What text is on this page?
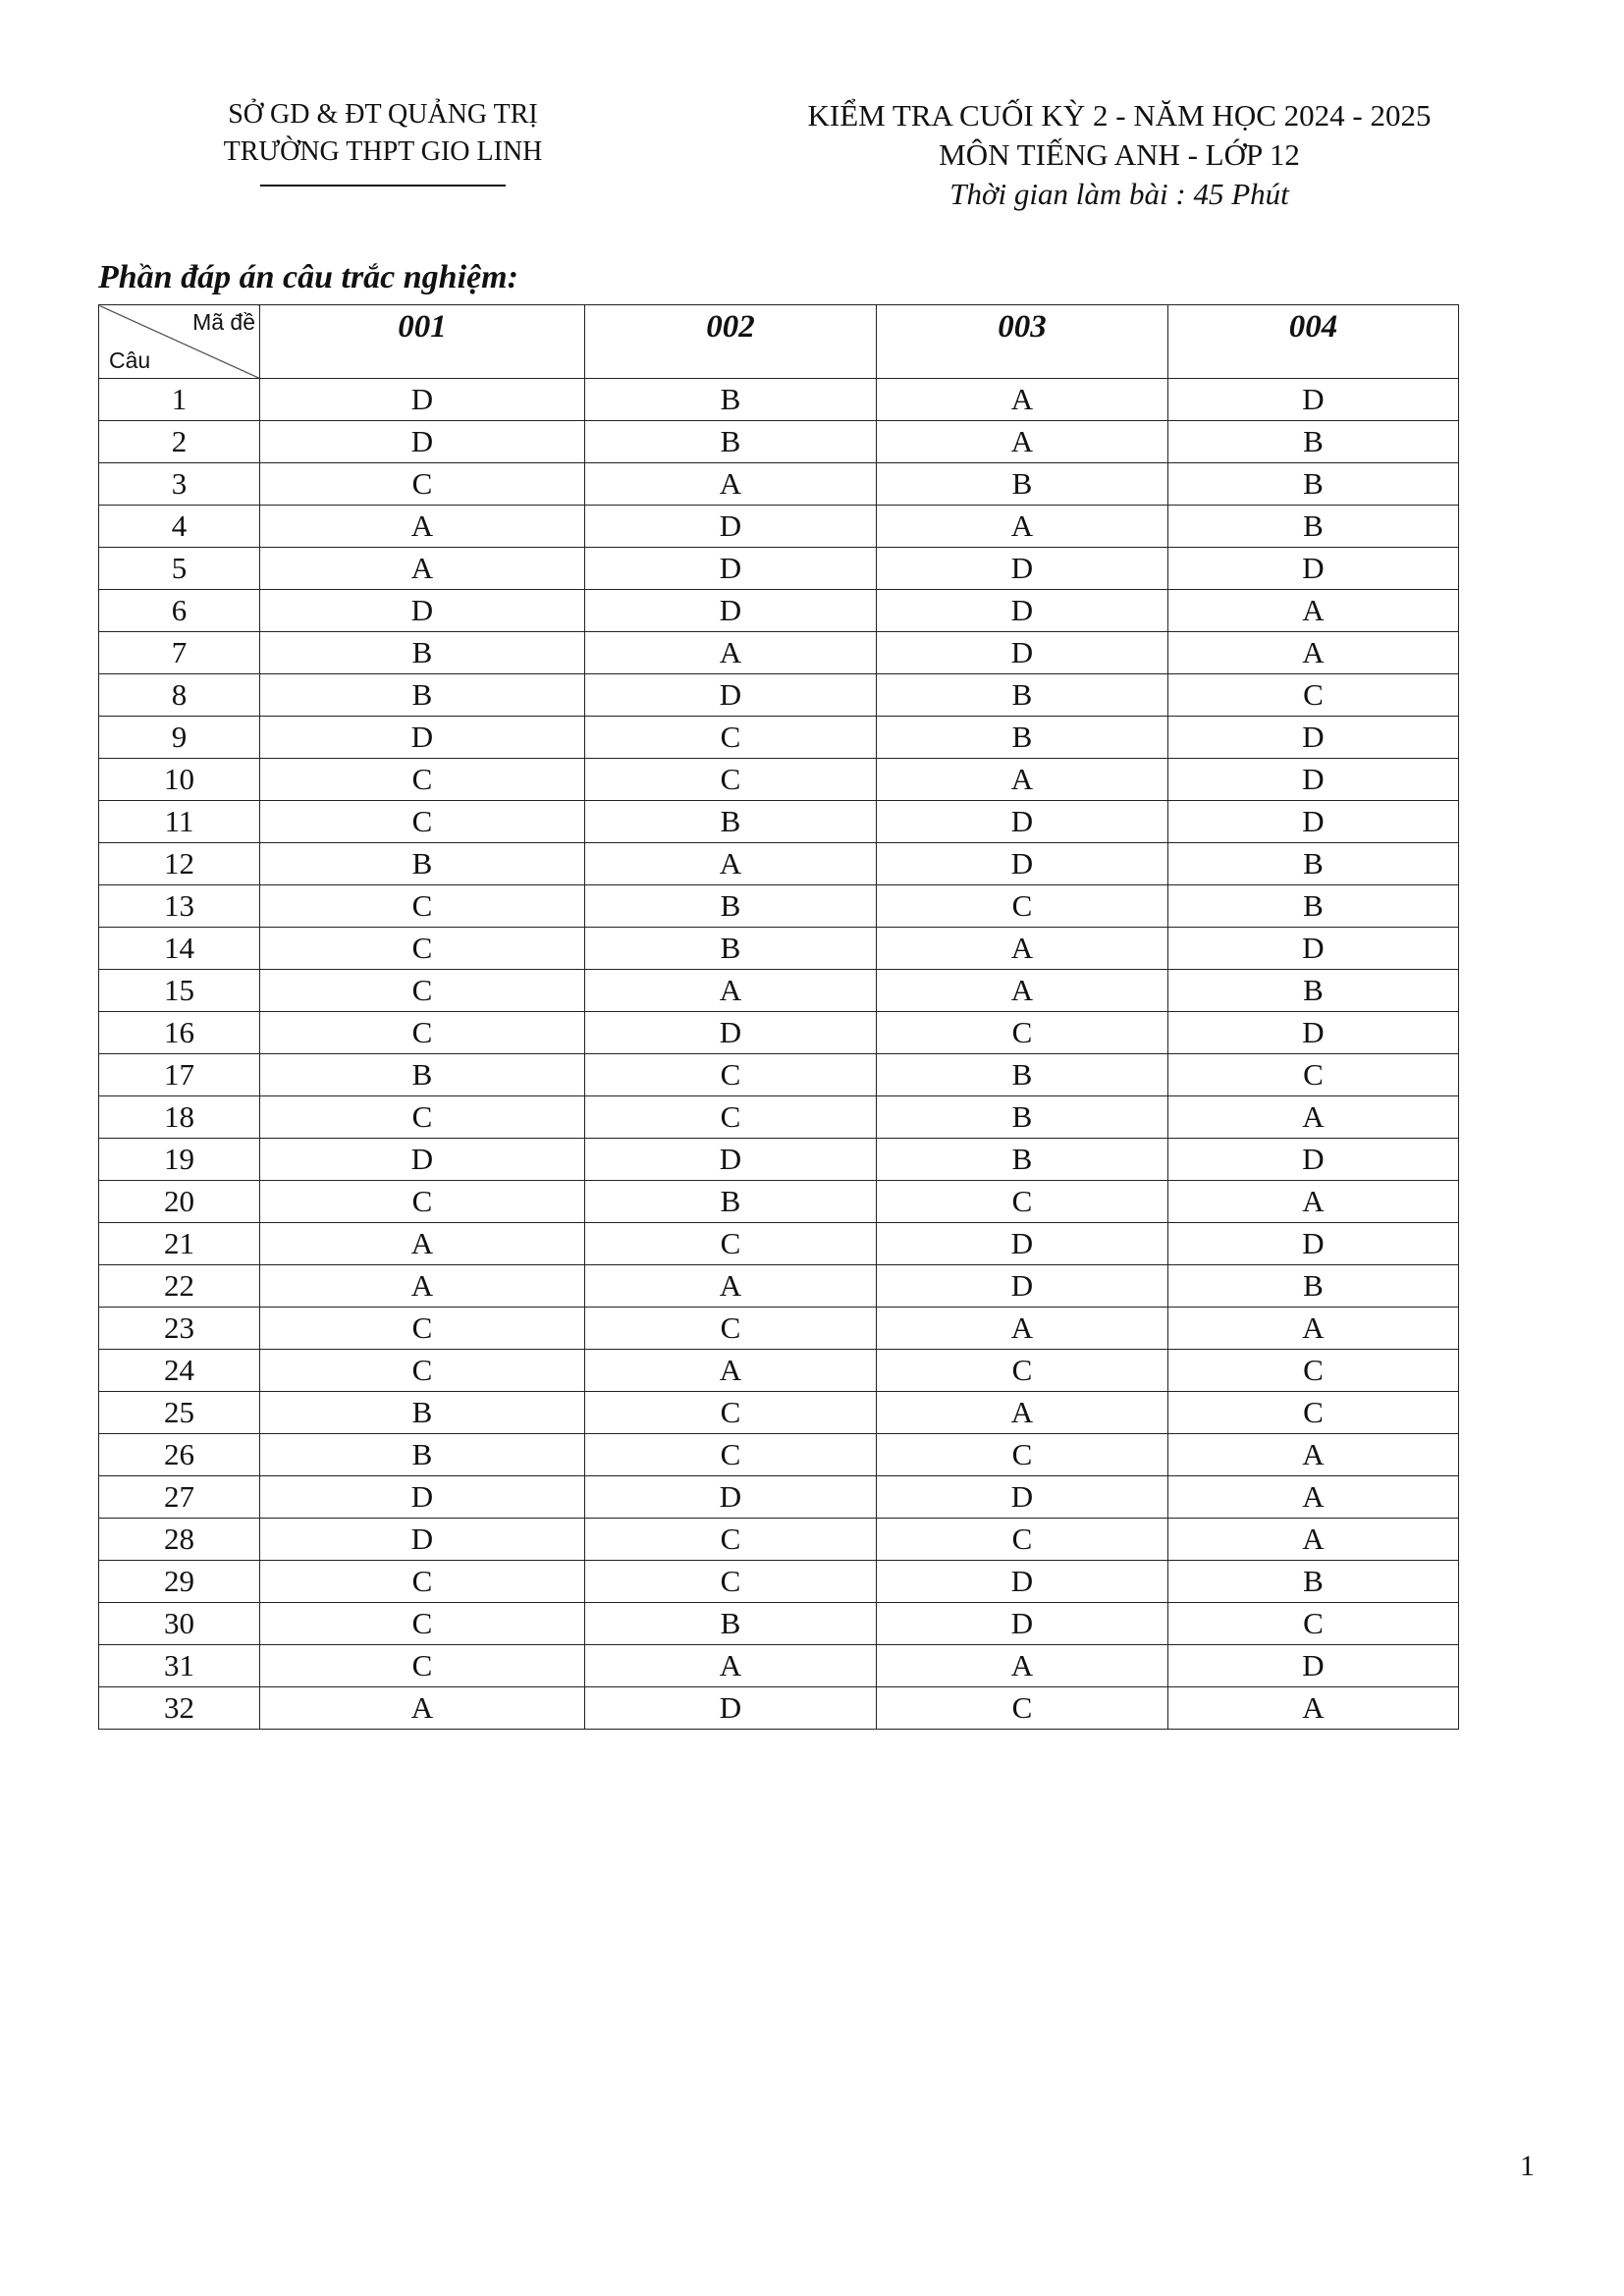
SỞ GD & ĐT QUẢNG TRỊ
TRƯỜNG THPT GIO LINH
KIỂM TRA CUỐI KỲ 2 - NĂM HỌC 2024 - 2025
MÔN TIẾNG ANH - LỚP 12
Thời gian làm bài : 45 Phút
Phần đáp án câu trắc nghiệm:
Mã đề
Câu	001	002	003	004
1	D	B	A	D
2	D	B	A	B
3	C	A	B	B
4	A	D	A	B
5	A	D	D	D
6	D	D	D	A
7	B	A	D	A
8	B	D	B	C
9	D	C	B	D
10	C	C	A	D
11	C	B	D	D
12	B	A	D	B
13	C	B	C	B
14	C	B	A	D
15	C	A	A	B
16	C	D	C	D
17	B	C	B	C
18	C	C	B	A
19	D	D	B	D
20	C	B	C	A
21	A	C	D	D
22	A	A	D	B
23	C	C	A	A
24	C	A	C	C
25	B	C	A	C
26	B	C	C	A
27	D	D	D	A
28	D	C	C	A
29	C	C	D	B
30	C	B	D	C
31	C	A	A	D
32	A	D	C	A
1
